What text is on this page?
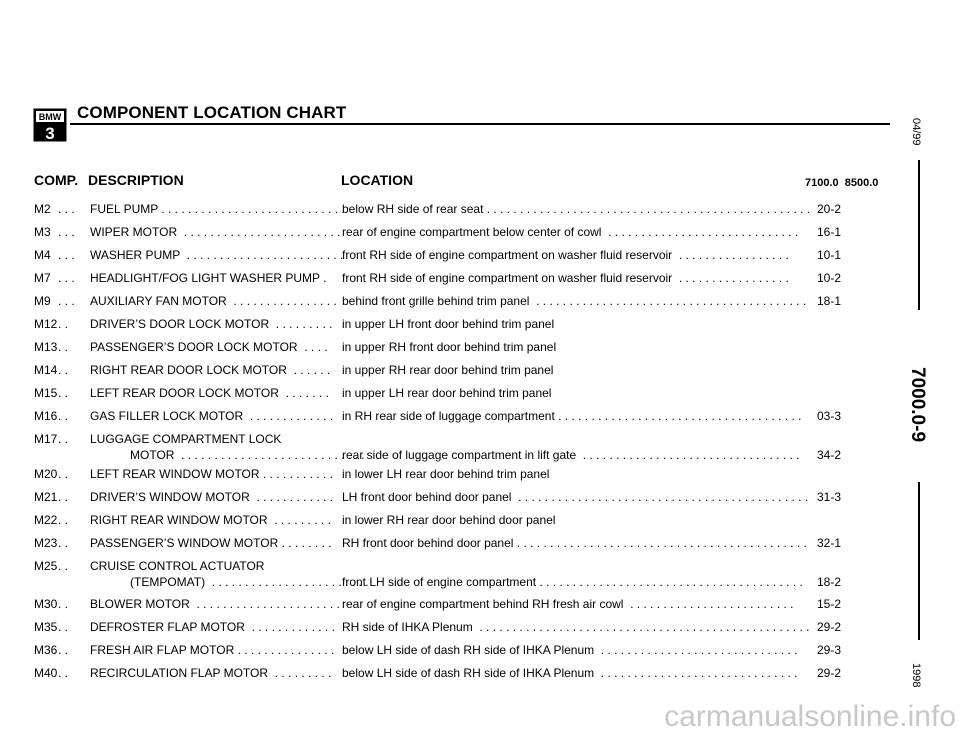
BMW
3
COMPONENT LOCATION CHART
COMP. DESCRIPTION	LOCATION	7100.0  8500.0
M2 . . . FUEL PUMP . . . . . . . . . . . . . . . . . . . . . . . . . . . .
below RH side of rear seat . . . . . . . . . . . . . . . . . . . . . . . . . . . . . . . . . . . . . . . . . . . . . . . . . 20-2
M3 . . . WIPER MOTOR  . . . . . . . . . . . . . . . . . . . . . . . . rear of engine compartment below center of cowl  . . . . . . . . . . . . . . . . . . . . . . . . . . . . . 16-1
M4 . . . WASHER PUMP  . . . . . . . . . . . . . . . . . . . . . . . .
front RH side of engine compartment on washer fluid reservoir  . . . . . . . . . . . . . . . . . 10-1
M7 . . . HEADLIGHT/FOG LIGHT WASHER PUMP . front RH side of engine compartment on washer fluid reservoir  . . . . . . . . . . . . . . . . . 10-2
M9 . . . AUXILIARY FAN MOTOR  . . . . . . . . . . . . . . . . behind front grille behind trim panel  . . . . . . . . . . . . . . . . . . . . . . . . . . . . . . . . . . . . . . . . . 18-1
M12 . . DRIVER’S DOOR LOCK MOTOR  . . . . . . . . . in upper LH front door behind trim panel
M13 . . PASSENGER’S DOOR LOCK MOTOR  . . . . in upper RH front door behind trim panel
M14 . . RIGHT REAR DOOR LOCK MOTOR  . . . . . . in upper RH rear door behind trim panel
M15 . . LEFT REAR DOOR LOCK MOTOR  . . . . . . . in upper LH rear door behind trim panel
M16 . . GAS FILLER LOCK MOTOR  . . . . . . . . . . . . . in RH rear side of luggage compartment . . . . . . . . . . . . . . . . . . . . . . . . . . . . . . . . . . . . . 03-3
M17 . . LUGGAGE COMPARTMENT LOCK
MOTOR  . . . . . . . . . . . . . . . . . . . . . . . . . . . .
rear side of luggage compartment in lift gate  . . . . . . . . . . . . . . . . . . . . . . . . . . . . . . . . . 34-2
M20 . . LEFT REAR WINDOW MOTOR . . . . . . . . . . . in lower LH rear door behind trim panel
M21 . . DRIVER’S WINDOW MOTOR  . . . . . . . . . . . . LH front door behind door panel  . . . . . . . . . . . . . . . . . . . . . . . . . . . . . . . . . . . . . . . . . . . . 31-3
M22 . . RIGHT REAR WINDOW MOTOR  . . . . . . . . . in lower RH rear door behind door panel
M23 . . PASSENGER’S WINDOW MOTOR . . . . . . . . RH front door behind door panel . . . . . . . . . . . . . . . . . . . . . . . . . . . . . . . . . . . . . . . . . . . . 32-1
M25 . . CRUISE CONTROL ACTUATOR
(TEMPOMAT)  . . . . . . . . . . . . . . . . . . . . . . . .
front LH side of engine compartment . . . . . . . . . . . . . . . . . . . . . . . . . . . . . . . . . . . . . . . . 18-2
M30 . . BLOWER MOTOR  . . . . . . . . . . . . . . . . . . . . . . rear of engine compartment behind RH fresh air cowl  . . . . . . . . . . . . . . . . . . . . . . . . . 15-2
M35 . . DEFROSTER FLAP MOTOR  . . . . . . . . . . . . . RH side of IHKA Plenum  . . . . . . . . . . . . . . . . . . . . . . . . . . . . . . . . . . . . . . . . . . . . . . . . . . 29-2
M36 . . FRESH AIR FLAP MOTOR . . . . . . . . . . . . . . . below LH side of dash RH side of IHKA Plenum  . . . . . . . . . . . . . . . . . . . . . . . . . . . . . . 29-3
M40 . . RECIRCULATION FLAP MOTOR  . . . . . . . . . below LH side of dash RH side of IHKA Plenum  . . . . . . . . . . . . . . . . . . . . . . . . . . . . . . 29-2
04/99
7000.0-9
1998
carmanualsonline.info
